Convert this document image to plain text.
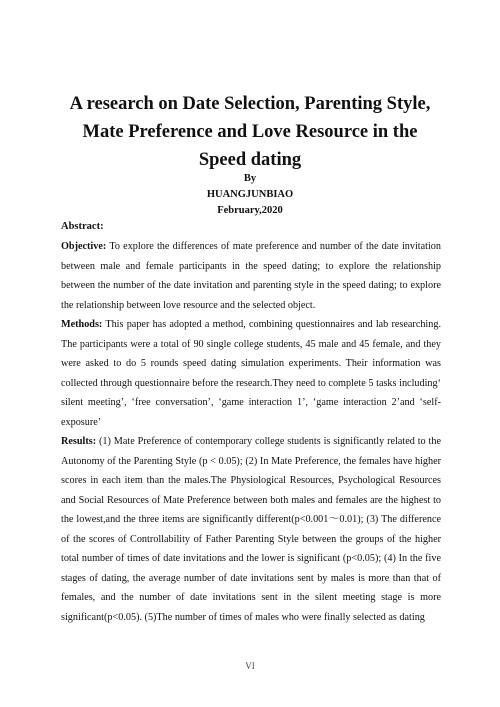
A research on Date Selection, Parenting Style,
Mate Preference and Love Resource in the
Speed dating
By
HUANGJUNBIAO
February,2020
Abstract:

Objective: To explore the differences of mate preference and number of the date invitation between male and female participants in the speed dating; to explore the relationship between the number of the date invitation and parenting style in the speed dating; to explore the relationship between love resource and the selected object.

Methods: This paper has adopted a method, combining questionnaires and lab researching. The participants were a total of 90 single college students, 45 male and 45 female, and they were asked to do 5 rounds speed dating simulation experiments. Their information was collected through questionnaire before the research.They need to complete 5 tasks including‘ silent meeting’, ‘free conversation’, ‘game interaction 1’, ‘game interaction 2’and ‘self-exposure’

Results: (1) Mate Preference of contemporary college students is significantly related to the Autonomy of the Parenting Style (p < 0.05); (2) In Mate Preference, the females have higher scores in each item than the males.The Physiological Resources, Psychological Resources and Social Resources of Mate Preference between both males and females are the highest to the lowest,and the three items are significantly different(p<0.001～0.01); (3) The difference of the scores of Controllability of Father Parenting Style between the groups of the higher total number of times of date invitations and the lower is significant (p<0.05); (4) In the five stages of dating, the average number of date invitations sent by males is more than that of females, and the number of date invitations sent in the silent meeting stage is more significant(p<0.05). (5)The number of times of males who were finally selected as dating

VI
